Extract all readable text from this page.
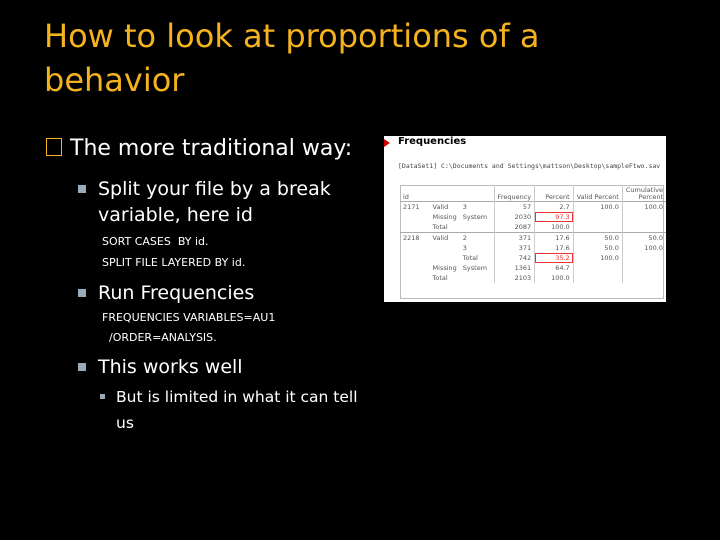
How to look at proportions of a behavior
The more traditional way:
Split your file by a break variable, here id
SORT CASES  BY id.
SPLIT FILE LAYERED BY id.
Run Frequencies
FREQUENCIES VARIABLES=AU1
/ORDER=ANALYSIS.
This works well
But is limited in what it can tell us
Frequencies
[DataSet1] C:\Documents and Settings\mattson\Desktop\sampleFtwo.sav
id			Frequency	Percent	Valid Percent	Cumulative Percent
2171	Valid	3	57	2.7	100.0	100.0
	Missing	System	2030	97.3		
	Total		2087	100.0		
2218	Valid	2	371	17.6	50.0	50.0
		3	371	17.6	50.0	100.0
		Total	742	35.2	100.0	
	Missing	System	1361	64.7		
	Total		2103	100.0		
